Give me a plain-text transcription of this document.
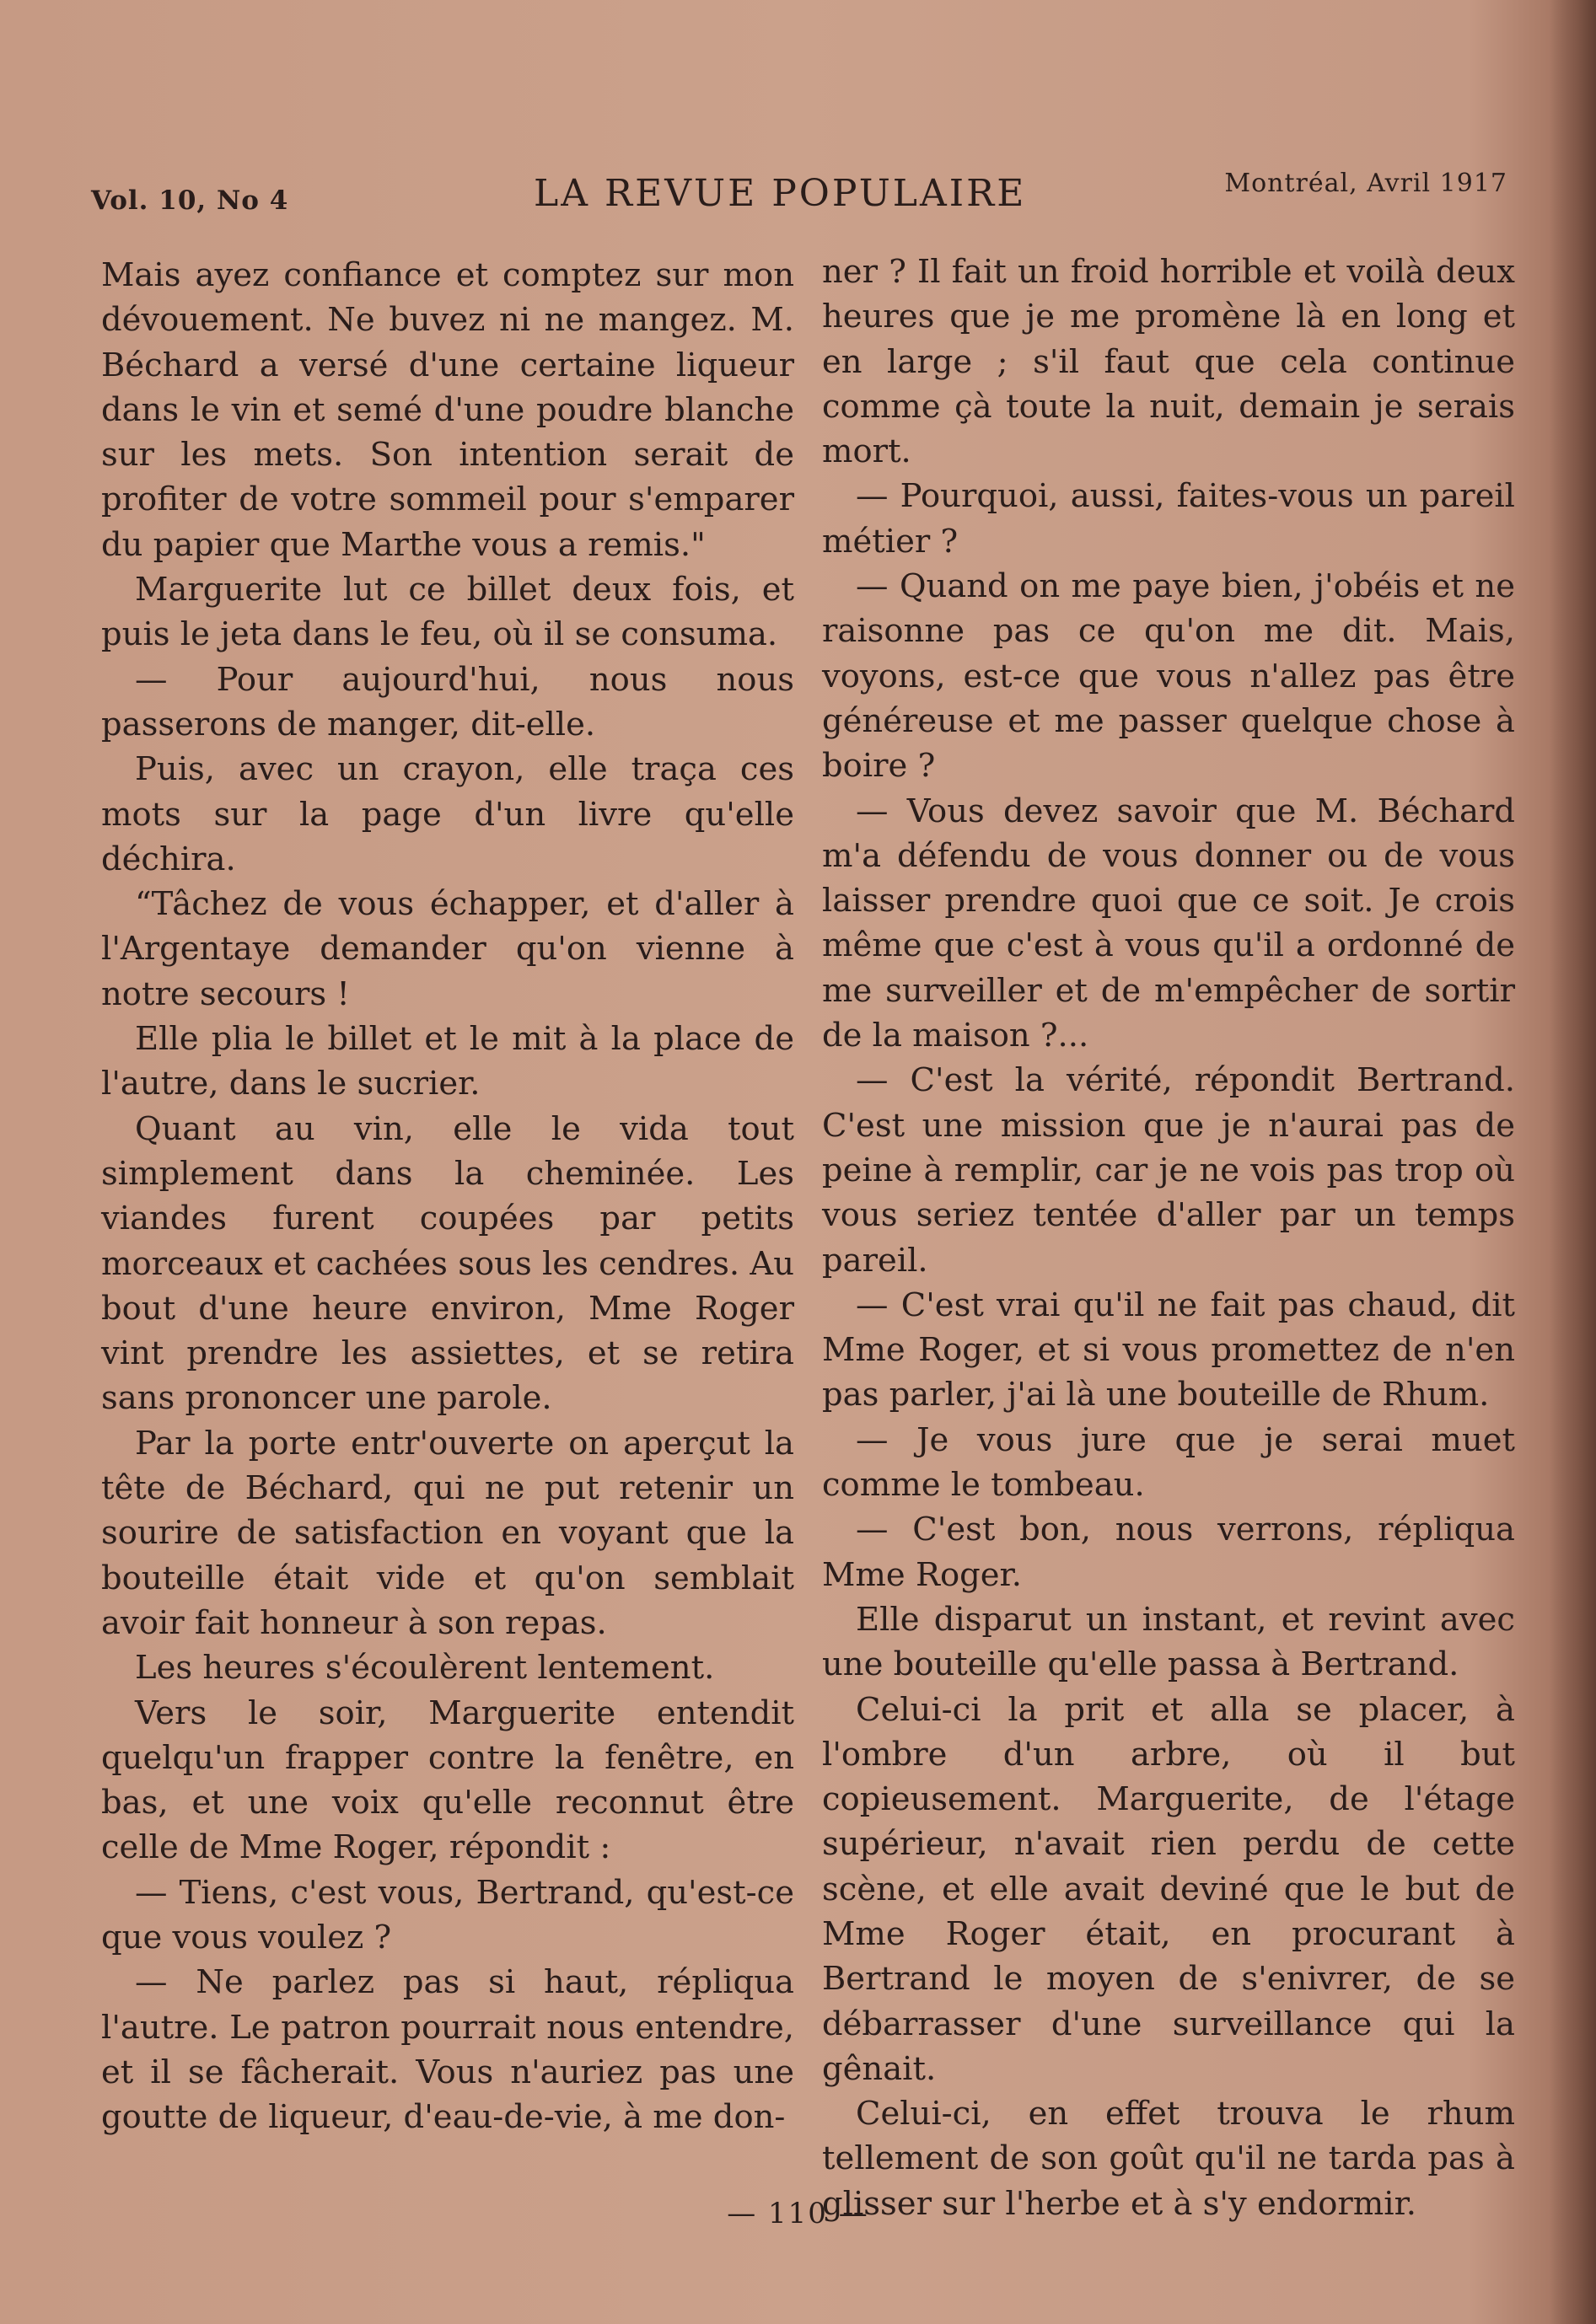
Vol. 10, No 4	LA REVUE POPULAIRE	Montréal, Avril 1917

Mais ayez confiance et comptez sur mon dévouement. Ne buvez ni ne mangez. M. Béchard a versé d'une certaine liqueur dans le vin et semé d'une poudre blanche sur les mets. Son intention serait de profiter de votre sommeil pour s'emparer du papier que Marthe vous a remis."

Marguerite lut ce billet deux fois, et puis le jeta dans le feu, où il se consuma.

— Pour aujourd'hui, nous nous passerons de manger, dit-elle.

Puis, avec un crayon, elle traça ces mots sur la page d'un livre qu'elle déchira.

“Tâchez de vous échapper, et d'aller à l'Argentaye demander qu'on vienne à notre secours !

Elle plia le billet et le mit à la place de l'autre, dans le sucrier.

Quant au vin, elle le vida tout simplement dans la cheminée. Les viandes furent coupées par petits morceaux et cachées sous les cendres. Au bout d'une heure environ, Mme Roger vint prendre les assiettes, et se retira sans prononcer une parole.

Par la porte entr'ouverte on aperçut la tête de Béchard, qui ne put retenir un sourire de satisfaction en voyant que la bouteille était vide et qu'on semblait avoir fait honneur à son repas.

Les heures s'écoulèrent lentement.

Vers le soir, Marguerite entendit quelqu'un frapper contre la fenêtre, en bas, et une voix qu'elle reconnut être celle de Mme Roger, répondit :

— Tiens, c'est vous, Bertrand, qu'est-ce que vous voulez ?

— Ne parlez pas si haut, répliqua l'autre. Le patron pourrait nous entendre, et il se fâcherait. Vous n'auriez pas une goutte de liqueur, d'eau-de-vie, à me don-

ner ? Il fait un froid horrible et voilà deux heures que je me promène là en long et en large ; s'il faut que cela continue comme çà toute la nuit, demain je serais mort.

— Pourquoi, aussi, faites-vous un pareil métier ?

— Quand on me paye bien, j'obéis et ne raisonne pas ce qu'on me dit. Mais, voyons, est-ce que vous n'allez pas être généreuse et me passer quelque chose à boire ?

— Vous devez savoir que M. Béchard m'a défendu de vous donner ou de vous laisser prendre quoi que ce soit. Je crois même que c'est à vous qu'il a ordonné de me surveiller et de m'empêcher de sortir de la maison ?...

— C'est la vérité, répondit Bertrand. C'est une mission que je n'aurai pas de peine à remplir, car je ne vois pas trop où vous seriez tentée d'aller par un temps pareil.

— C'est vrai qu'il ne fait pas chaud, dit Mme Roger, et si vous promettez de n'en pas parler, j'ai là une bouteille de Rhum.

— Je vous jure que je serai muet comme le tombeau.

— C'est bon, nous verrons, répliqua Mme Roger.

Elle disparut un instant, et revint avec une bouteille qu'elle passa à Bertrand.

Celui-ci la prit et alla se placer, à l'ombre d'un arbre, où il but copieusement. Marguerite, de l'étage supérieur, n'avait rien perdu de cette scène, et elle avait deviné que le but de Mme Roger était, en procurant à Bertrand le moyen de s'enivrer, de se débarrasser d'une surveillance qui la gênait.

Celui-ci, en effet trouva le rhum tellement de son goût qu'il ne tarda pas à glisser sur l'herbe et à s'y endormir.

— 110 —
